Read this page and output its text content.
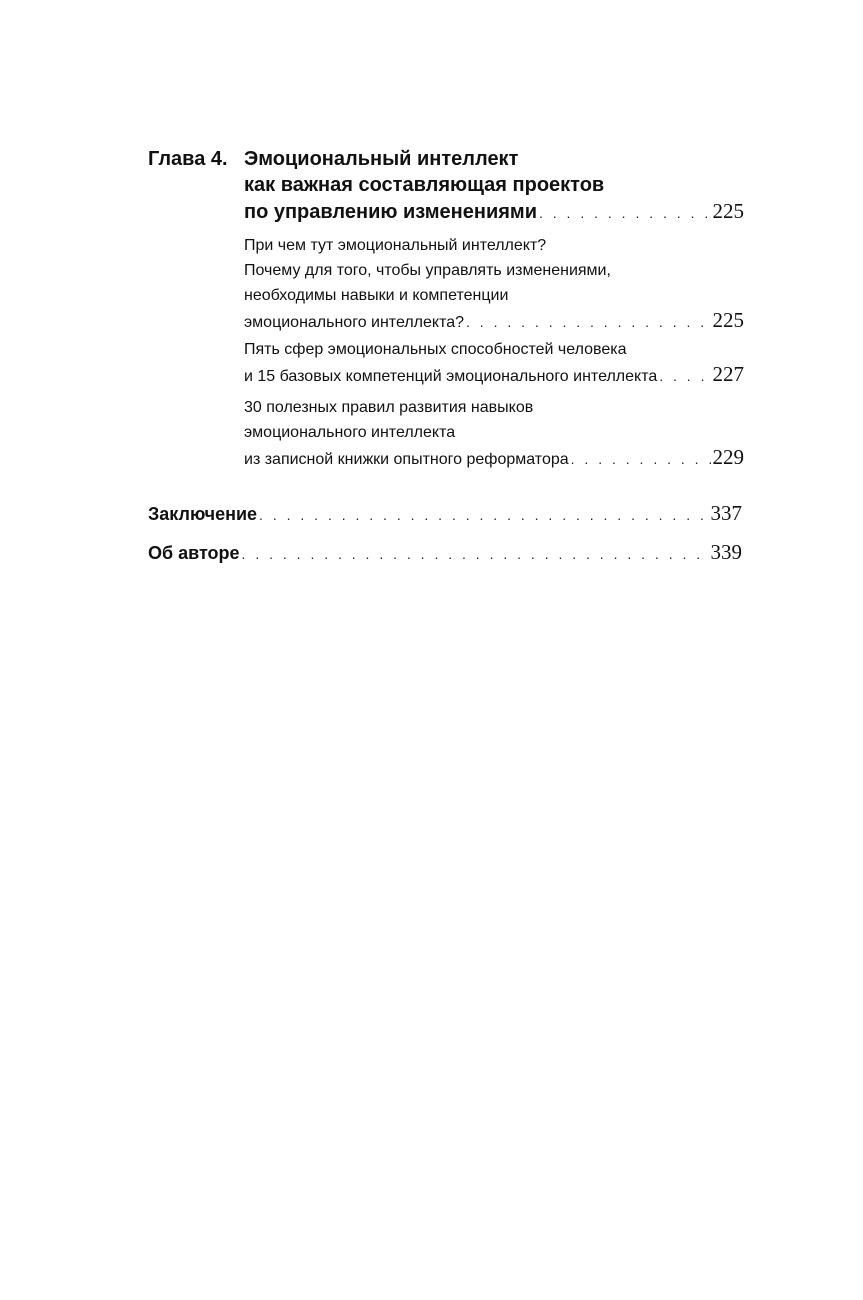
Глава 4. Эмоциональный интеллект
как важная составляющая проектов
по управлению изменениями . . .	225
При чем тут эмоциональный интеллект?
Почему для того, чтобы управлять изменениями,
необходимы навыки и компетенции
эмоционального интеллекта? . . .	225
Пять сфер эмоциональных способностей человека
и 15 базовых компетенций эмоционального интеллекта . . .	227
30 полезных правил развития навыков
эмоционального интеллекта
из записной книжки опытного реформатора . . .	229
Заключение . . .	337
Об авторе . . .	339
